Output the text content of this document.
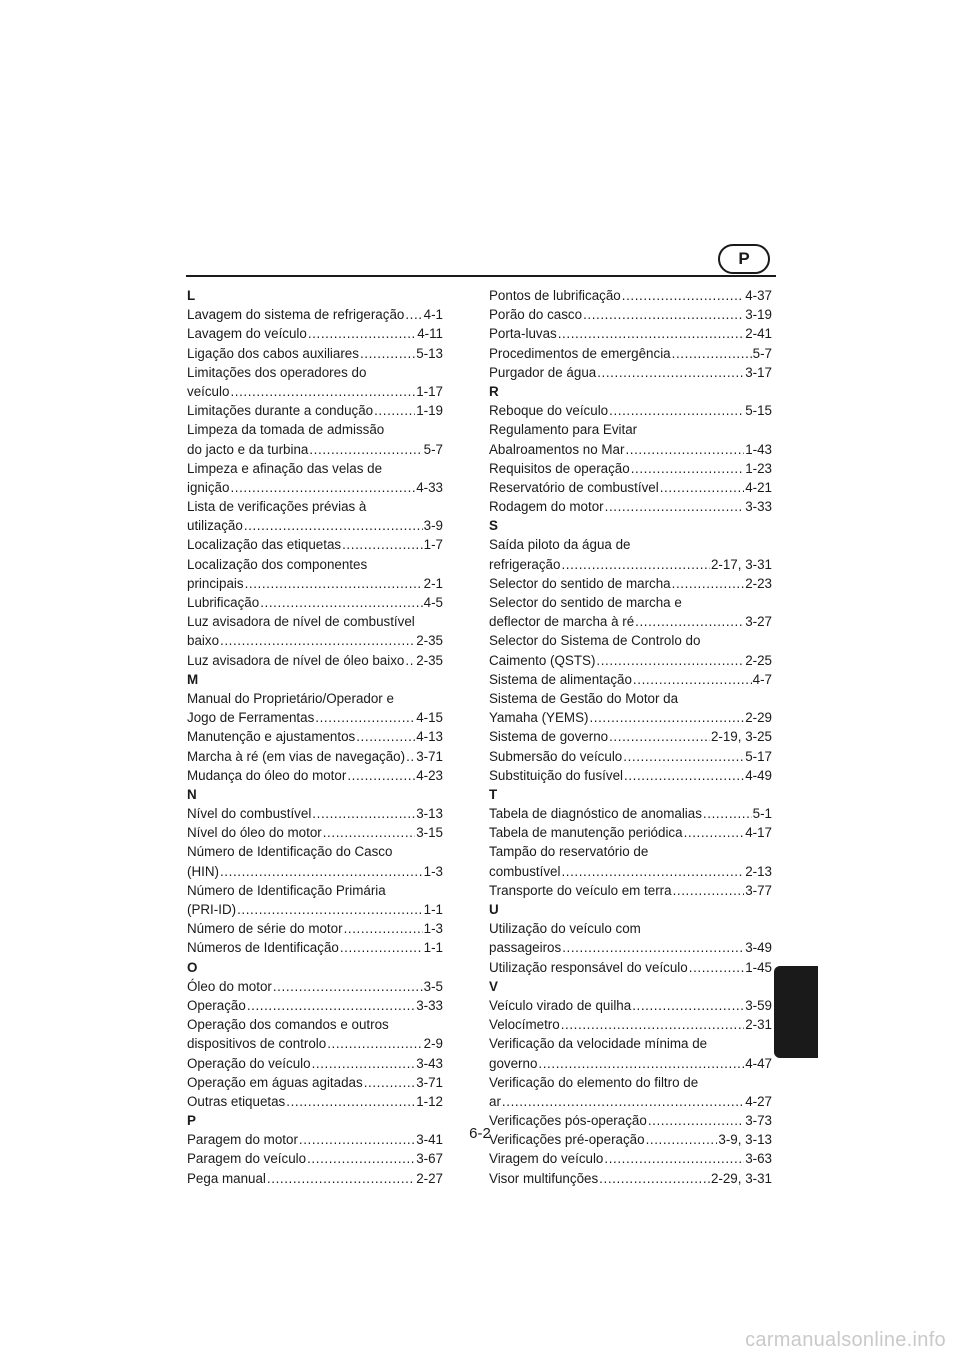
P
L
Lavagem do sistema de refrigeração ..... 4-1
Lavagem do veículo .....	4-11
Ligação dos cabos auxiliares .....	5-13
Limitações dos operadores do
veículo .....	1-17
Limitações durante a condução .....	1-19
Limpeza da tomada de admissão
do jacto e da turbina .....	5-7
Limpeza e afinação das velas de
ignição .....	4-33
Lista de verificações prévias à
utilização .....	3-9
Localização das etiquetas .....	1-7
Localização dos componentes
principais .....	2-1
Lubrificação .....	4-5
Luz avisadora de nível de combustível
baixo .....	2-35
Luz avisadora de nível de óleo baixo ..... 2-35
M
Manual do Proprietário/Operador e
Jogo de Ferramentas .....	4-15
Manutenção e ajustamentos .....	4-13
Marcha à ré (em vias de navegação) ..... 3-71
Mudança do óleo do motor .....	4-23
N
Nível do combustível .....	3-13
Nível do óleo do motor .....	3-15
Número de Identificação do Casco
(HIN) .....	1-3
Número de Identificação Primária
(PRI-ID) .....	1-1
Número de série do motor .....	1-3
Números de Identificação .....	1-1
O
Óleo do motor .....	3-5
Operação .....	3-33
Operação dos comandos e outros
dispositivos de controlo .....	2-9
Operação do veículo .....	3-43
Operação em águas agitadas .....	3-71
Outras etiquetas .....	1-12
P
Paragem do motor .....	3-41
Paragem do veículo .....	3-67
Pega manual .....	2-27
Pontos de lubrificação .....	4-37
Porão do casco .....	3-19
Porta-luvas .....	2-41
Procedimentos de emergência .....	5-7
Purgador de água .....	3-17
R
Reboque do veículo .....	5-15
Regulamento para Evitar
Abalroamentos no Mar .....	1-43
Requisitos de operação .....	1-23
Reservatório de combustível .....	4-21
Rodagem do motor .....	3-33
S
Saída piloto da água de
refrigeração .....	2-17, 3-31
Selector do sentido de marcha .....	2-23
Selector do sentido de marcha e
deflector de marcha à ré .....	3-27
Selector do Sistema de Controlo do
Caimento (QSTS) .....	2-25
Sistema de alimentação .....	4-7
Sistema de Gestão do Motor da
Yamaha (YEMS) .....	2-29
Sistema de governo .....	2-19, 3-25
Submersão do veículo .....	5-17
Substituição do fusível .....	4-49
T
Tabela de diagnóstico de anomalias .....	5-1
Tabela de manutenção periódica .....	4-17
Tampão do reservatório de
combustível .....	2-13
Transporte do veículo em terra .....	3-77
U
Utilização do veículo com
passageiros .....	3-49
Utilização responsável do veículo .....	1-45
V
Veículo virado de quilha .....	3-59
Velocímetro .....	2-31
Verificação da velocidade mínima de
governo .....	4-47
Verificação do elemento do filtro de
ar .....	4-27
Verificações pós-operação .....	3-73
Verificações pré-operação .....	3-9, 3-13
Viragem do veículo .....	3-63
Visor multifunções .....	2-29, 3-31
6-2
carmanualsonline.info
